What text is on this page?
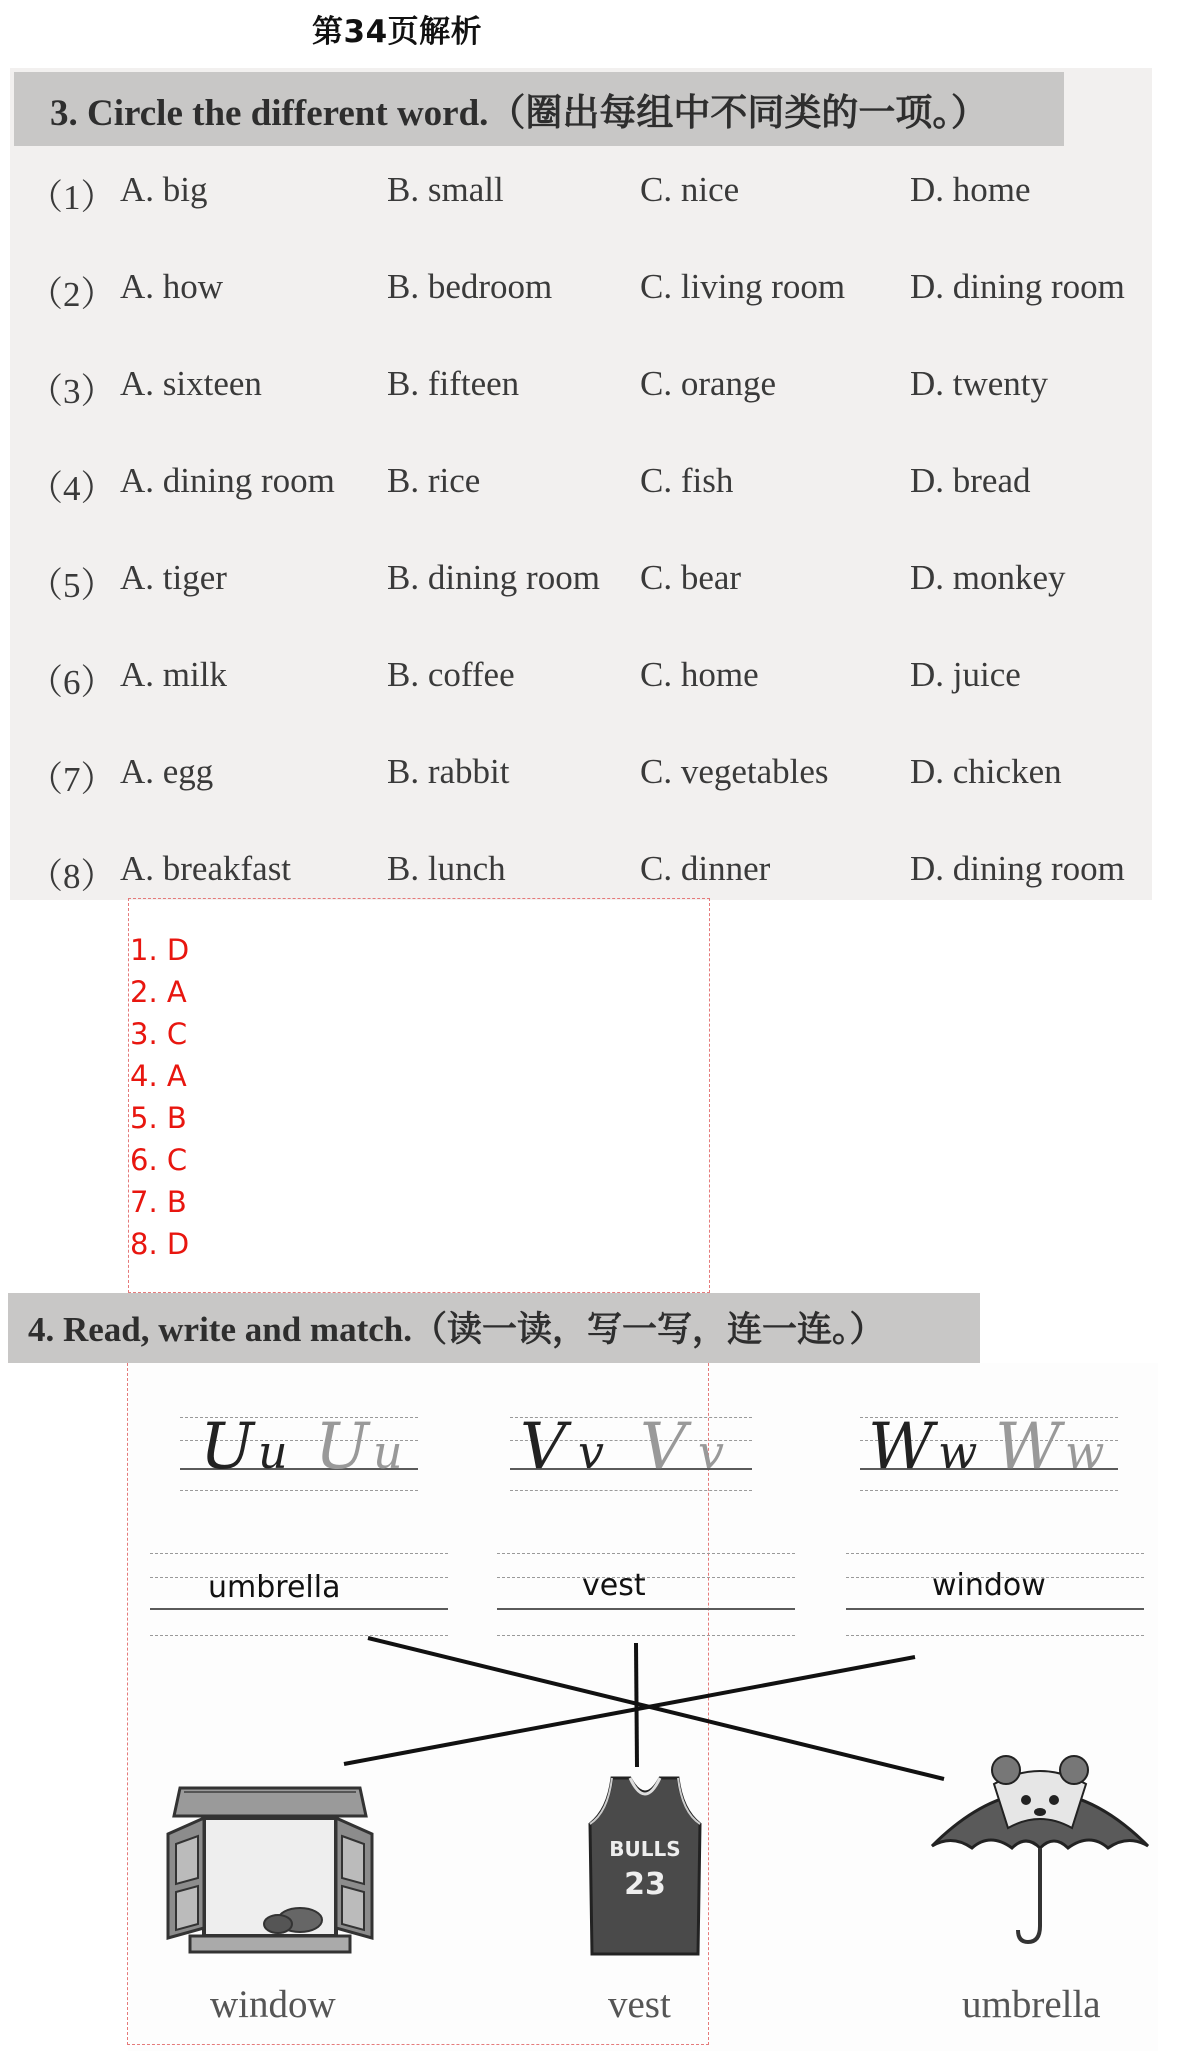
第34页解析
3. Circle the different word.（圈出每组中不同类的一项。）
（1） A. big	B. small	C. nice	D. home
（2） A. how	B. bedroom	C. living room D. dining room
（3） A. sixteen	B. fifteen	C. orange	D. twenty
（4） A. dining room B. rice	C. fish	D. bread
（5） A. tiger	B. dining room C. bear	D. monkey
（6） A. milk	B. coffee	C. home	D. juice
（7） A. egg	B. rabbit	C. vegetables D. chicken
（8） A. breakfast	B. lunch	C. dinner	D. dining room
1. D
2. A
3. C
4. A
5. B
6. C
7. B
8. D
4. Read, write and match.（读一读，写一写，连一连。）
U u U u V v V v W w W w
umbrella	vest	window
BULLS
23
window	vest	umbrella
